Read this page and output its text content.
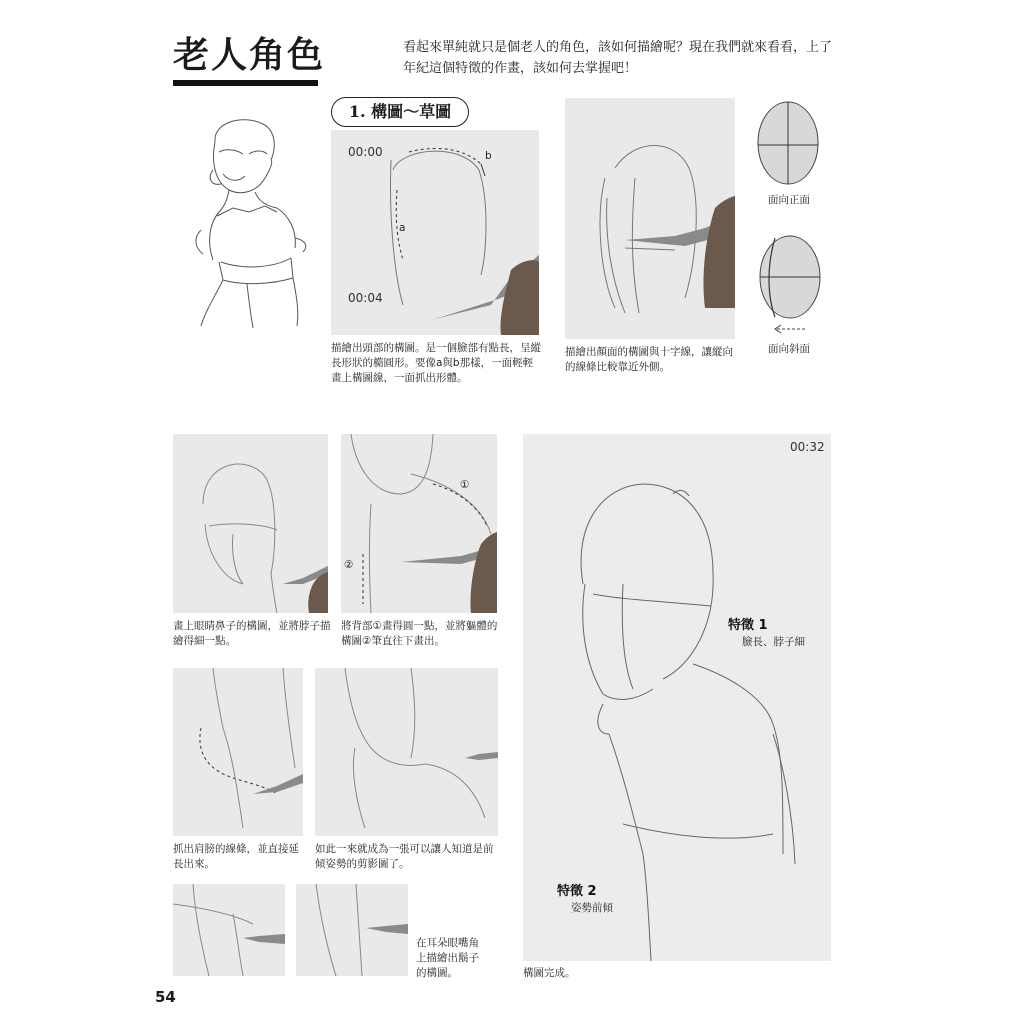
老人角色	看起來單純就只是個老人的角色，該如何描繪呢？現在我們就來看看，上了年紀這個特徵的作畫，該如何去掌握吧！
1. 構圖～草圖
00:00
00:04
a
b
描繪出頭部的構圖。是一個臉部有點長，呈縱長形狀的橢圓形。要像a與b那樣，一面輕輕畫上構圖線，一面抓出形體。
描繪出顏面的構圖與十字線，讓縱向的線條比較靠近外側。
面向正面
面向斜面
畫上眼睛鼻子的構圖，並將脖子描繪得細一點。
①
②
將背部①畫得圓一點，並將軀體的構圖②筆直往下畫出。
抓出肩膀的線條，並直接延長出來。
如此一來就成為一張可以讓人知道是前傾姿勢的剪影圖了。
在耳朵眼嘴角上描繪出鬍子的構圖。
00:32
特徵 1
臉長、脖子細
特徵 2
姿勢前傾
構圖完成。
54
